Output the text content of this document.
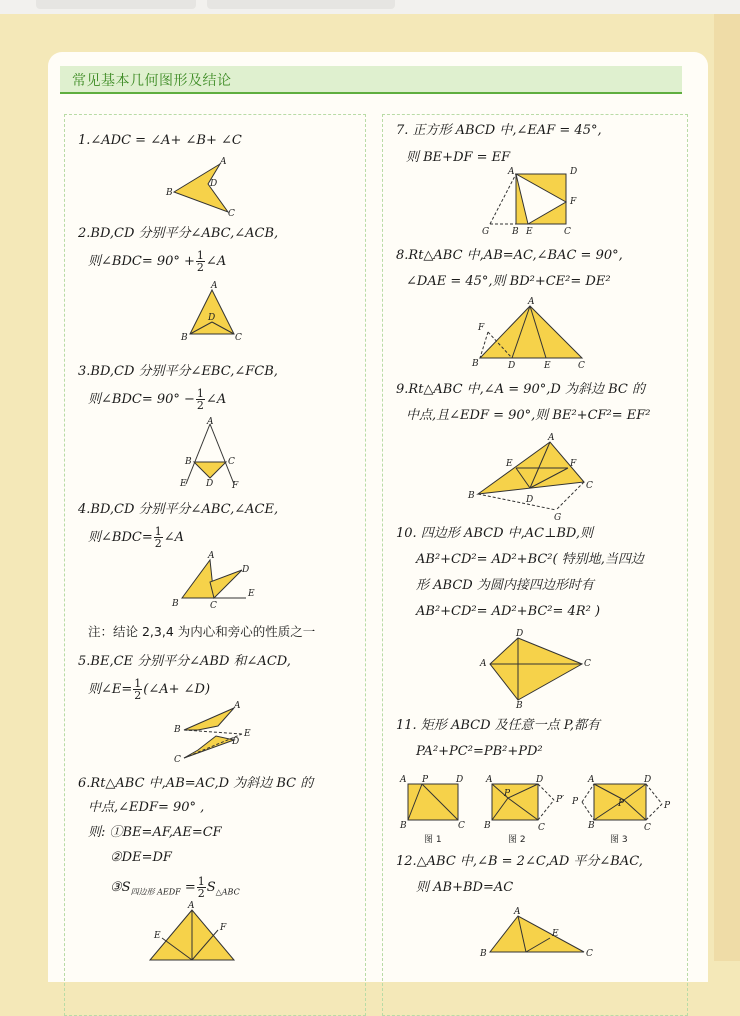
常见基本几何图形及结论
1.∠ADC = ∠A+ ∠B+ ∠C
A
B
D
C
2.BD,CD 分别平分∠ABC,∠ACB,
则∠BDC= $90^\circ + \frac{1}{2}$ ∠A
A
B
D
C
3.BD,CD 分别平分∠EBC,∠FCB,
则∠BDC= $90^\circ - \frac{1}{2}$ ∠A
A
B	C
D
E	F
4.BD,CD 分别平分∠ABC,∠ACE,
则∠BDC= $\frac{1}{2}$ ∠A
A
B	C
D
E
注：结论 2,3,4 为内心和旁心的性质之一
5.BE,CE 分别平分∠ABD 和∠ACD,
则∠E= $\frac{1}{2}$ (∠A+ ∠D)
A
B	E
C
D
6.Rt△ABC 中,AB=AC,D 为斜边 BC 的
中点,∠EDF= 90° ,
则: ①BE=AF,AE=CF
②DE=DF
$③S_{四边形 AEDF} = \frac{1}{2} S_{\triangle ABC}$
A
E
F
7. 正方形 ABCD 中,∠EAF = 45°,
则 BE+DF = EF
A	D
F
G	B E	C
8.Rt△ABC 中,AB=AC,∠BAC = 90°,
∠DAE = 45°,则 BD²+CE²= DE²
A
F
B	D	E	C
9.Rt△ABC 中,∠A = 90°,D 为斜边 BC 的
中点,且∠EDF = 90°,则 BE²+CF²= EF²
A
E	F
B	D
C
G
10. 四边形 ABCD 中,AC⊥BD,则
AB²+CD²= AD²+BC²( 特别地,当四边
形 ABCD 为圆内接四边形时有
AB²+CD²= AD²+BC²= 4R² )
D
A	C
B
11. 矩形 ABCD 及任意一点 P,都有
PA²+PC²=PB²+PD²
A P	D
B	C
图 1
A	D
P
P′
B	C
图 2
A	D
P	P	P
B	C
图 3
12.△ABC 中,∠B = 2∠C,AD 平分∠BAC,
则 AB+BD=AC
A
B
E
C
